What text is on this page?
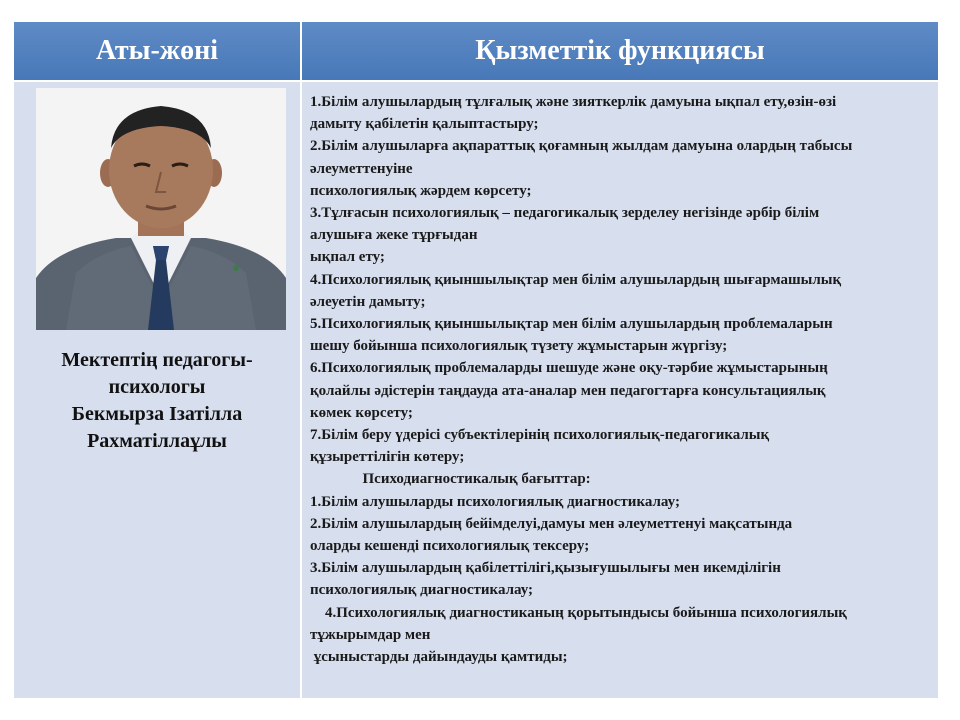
Аты-жөні	Қызметтік функциясы
Мектептің педагогы-
психологы
Бекмырза Ізатілла
Рахматіллаұлы
1.Білім алушылардың тұлғалық және зияткерлік дамуына ықпал ету,өзін-өзі
дамыту қабілетін қалыптастыру;
2.Білім алушыларға ақпараттық қоғамның жылдам дамуына олардың табысы
әлеуметтенуіне
психологиялық жәрдем көрсету;
3.Тұлғасын психологиялық – педагогикалық зерделеу негізінде әрбір білім
алушыға жеке тұрғыдан
ықпал ету;
4.Психологиялық қиыншылықтар мен білім алушылардың шығармашылық
әлеуетін дамыту;
5.Психологиялық қиыншылықтар мен білім алушылардың проблемаларын
шешу бойынша психологиялық түзету жұмыстарын жүргізу;
6.Психологиялық проблемаларды шешуде және оқу-тәрбие жұмыстарының
қолайлы әдістерін таңдауда ата-аналар мен педагогтарға консультациялық
көмек көрсету;
7.Білім беру үдерісі субъектілерінің психологиялық-педагогикалық
құзыреттілігін көтеру;
Психодиагностикалық бағыттар:
1.Білім алушыларды психологиялық диагностикалау;
2.Білім алушылардың бейімделуі,дамуы мен әлеуметтенуі мақсатында
оларды кешенді психологиялық тексеру;
3.Білім алушылардың қабілеттілігі,қызығушылығы мен икемділігін
психологиялық диагностикалау;
4.Психологиялық диагностиканың қорытындысы бойынша психологиялық
тұжырымдар мен
ұсыныстарды дайындауды қамтиды;
